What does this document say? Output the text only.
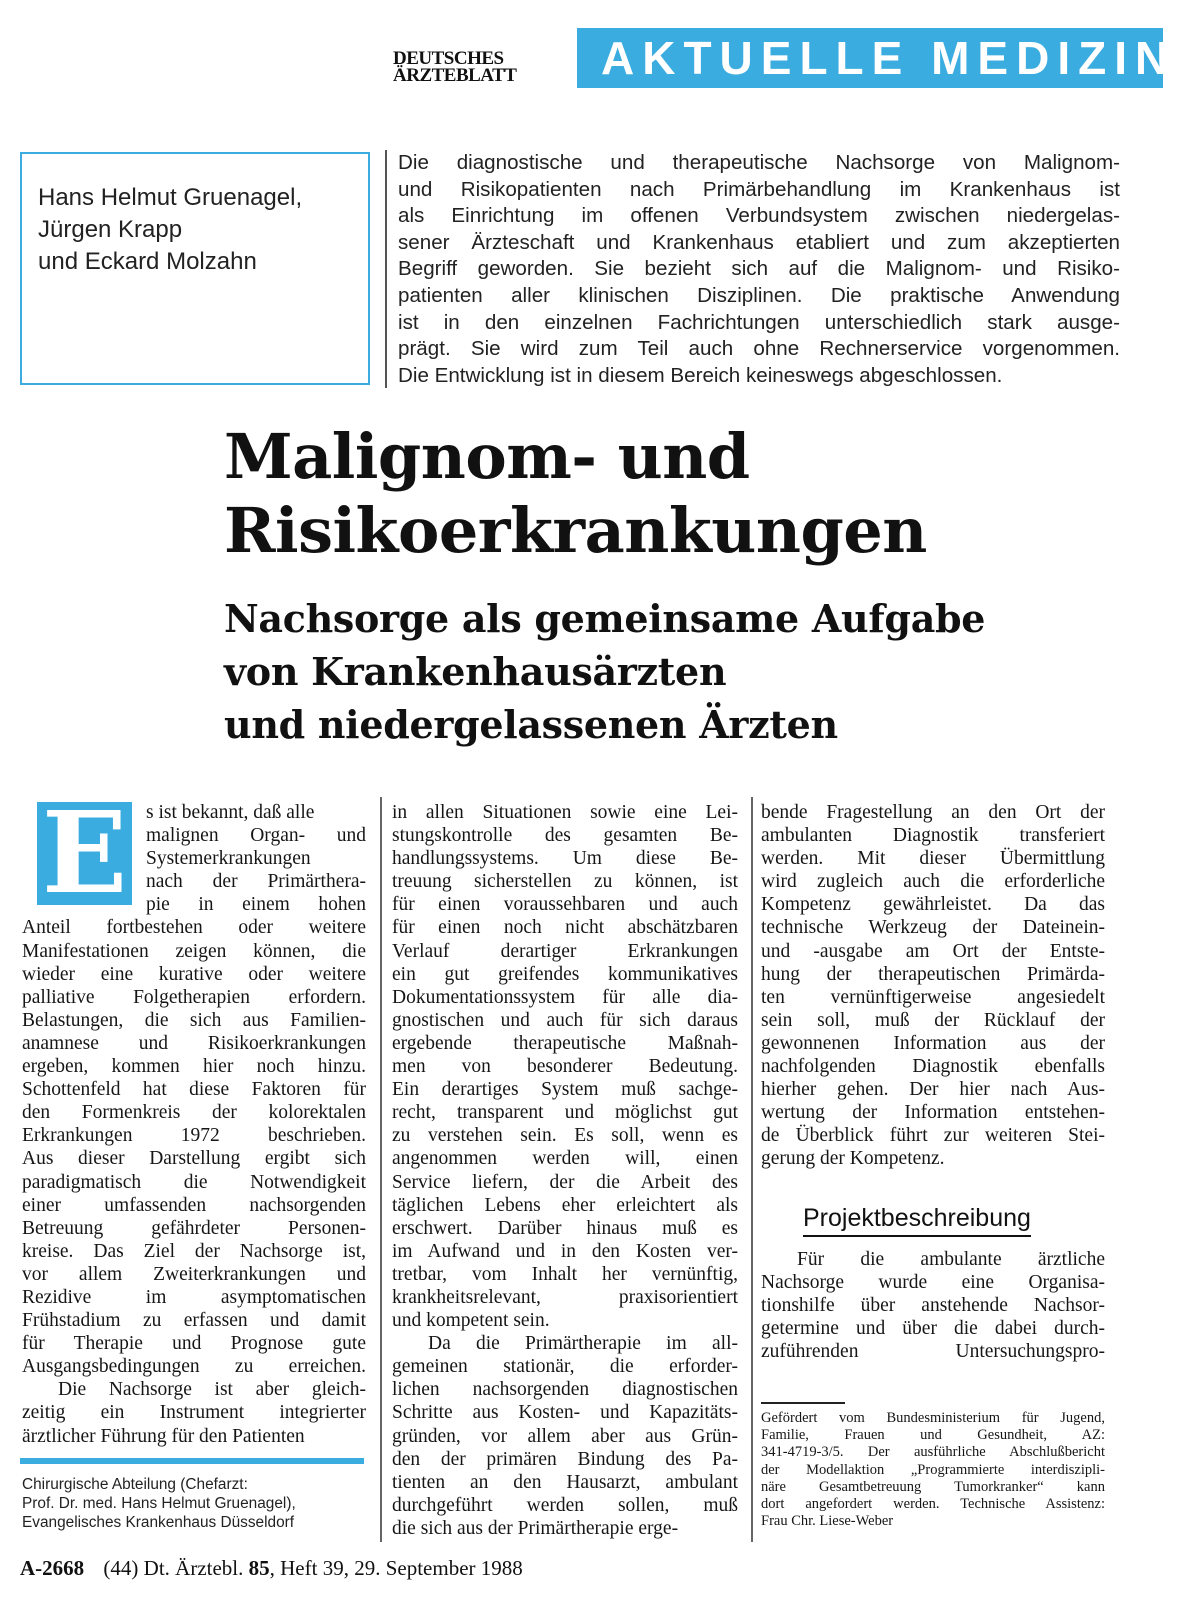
DEUTSCHES
ÄRZTEBLATT	AKTUELLE MEDIZIN
Hans Helmut Gruenagel,
Jürgen Krapp
und Eckard Molzahn
Die diagnostische und therapeutische Nachsorge von Malignom-
und Risikopatienten nach Primärbehandlung im Krankenhaus ist
als Einrichtung im offenen Verbundsystem zwischen niedergelas-
sener Ärzteschaft und Krankenhaus etabliert und zum akzeptierten
Begriff geworden. Sie bezieht sich auf die Malignom- und Risiko-
patienten aller klinischen Disziplinen. Die praktische Anwendung
ist in den einzelnen Fachrichtungen unterschiedlich stark ausge-
prägt. Sie wird zum Teil auch ohne Rechnerservice vorgenommen.
Die Entwicklung ist in diesem Bereich keineswegs abgeschlossen.
Malignom- und
Risikoerkrankungen
Nachsorge als gemeinsame Aufgabe
von Krankenhausärzten
und niedergelassenen Ärzten
E s ist bekannt, daß alle
malignen Organ- und
Systemerkrankungen
nach der Primärthera-
pie in einem hohen
Anteil fortbestehen oder weitere
Manifestationen zeigen können, die
wieder eine kurative oder weitere
palliative Folgetherapien erfordern.
Belastungen, die sich aus Familien-
anamnese und Risikoerkrankungen
ergeben, kommen hier noch hinzu.
Schottenfeld hat diese Faktoren für
den Formenkreis der kolorektalen
Erkrankungen 1972 beschrieben.
Aus dieser Darstellung ergibt sich
paradigmatisch die Notwendigkeit
einer umfassenden nachsorgenden
Betreuung gefährdeter Personen-
kreise. Das Ziel der Nachsorge ist,
vor allem Zweiterkrankungen und
Rezidive im asymptomatischen
Frühstadium zu erfassen und damit
für Therapie und Prognose gute
Ausgangsbedingungen zu erreichen.
Die Nachsorge ist aber gleich-
zeitig ein Instrument integrierter
ärztlicher Führung für den Patienten
in allen Situationen sowie eine Lei-
stungskontrolle des gesamten Be-
handlungssystems. Um diese Be-
treuung sicherstellen zu können, ist
für einen voraussehbaren und auch
für einen noch nicht abschätzbaren
Verlauf derartiger Erkrankungen
ein gut greifendes kommunikatives
Dokumentationssystem für alle dia-
gnostischen und auch für sich daraus
ergebende therapeutische Maßnah-
men von besonderer Bedeutung.
Ein derartiges System muß sachge-
recht, transparent und möglichst gut
zu verstehen sein. Es soll, wenn es
angenommen werden will, einen
Service liefern, der die Arbeit des
täglichen Lebens eher erleichtert als
erschwert. Darüber hinaus muß es
im Aufwand und in den Kosten ver-
tretbar, vom Inhalt her vernünftig,
krankheitsrelevant, praxisorientiert
und kompetent sein.
Da die Primärtherapie im all-
gemeinen stationär, die erforder-
lichen nachsorgenden diagnostischen
Schritte aus Kosten- und Kapazitäts-
gründen, vor allem aber aus Grün-
den der primären Bindung des Pa-
tienten an den Hausarzt, ambulant
durchgeführt werden sollen, muß
die sich aus der Primärtherapie erge-
bende Fragestellung an den Ort der
ambulanten Diagnostik transferiert
werden. Mit dieser Übermittlung
wird zugleich auch die erforderliche
Kompetenz gewährleistet. Da das
technische Werkzeug der Dateinein-
und -ausgabe am Ort der Entste-
hung der therapeutischen Primärda-
ten vernünftigerweise angesiedelt
sein soll, muß der Rücklauf der
gewonnenen Information aus der
nachfolgenden Diagnostik ebenfalls
hierher gehen. Der hier nach Aus-
wertung der Information entstehen-
de Überblick führt zur weiteren Stei-
gerung der Kompetenz.
Projektbeschreibung
Für die ambulante ärztliche
Nachsorge wurde eine Organisa-
tionshilfe über anstehende Nachsor-
getermine und über die dabei durch-
zuführenden Untersuchungspro-
Gefördert vom Bundesministerium für Jugend,
Familie, Frauen und Gesundheit, AZ:
341-4719-3/5. Der ausführliche Abschlußbericht
der Modellaktion „Programmierte interdiszipli-
näre Gesamtbetreuung Tumorkranker“ kann
dort angefordert werden. Technische Assistenz:
Frau Chr. Liese-Weber
Chirurgische Abteilung (Chefarzt:
Prof. Dr. med. Hans Helmut Gruenagel),
Evangelisches Krankenhaus Düsseldorf
A-2668 (44) Dt. Ärztebl. 85, Heft 39, 29. September 1988
